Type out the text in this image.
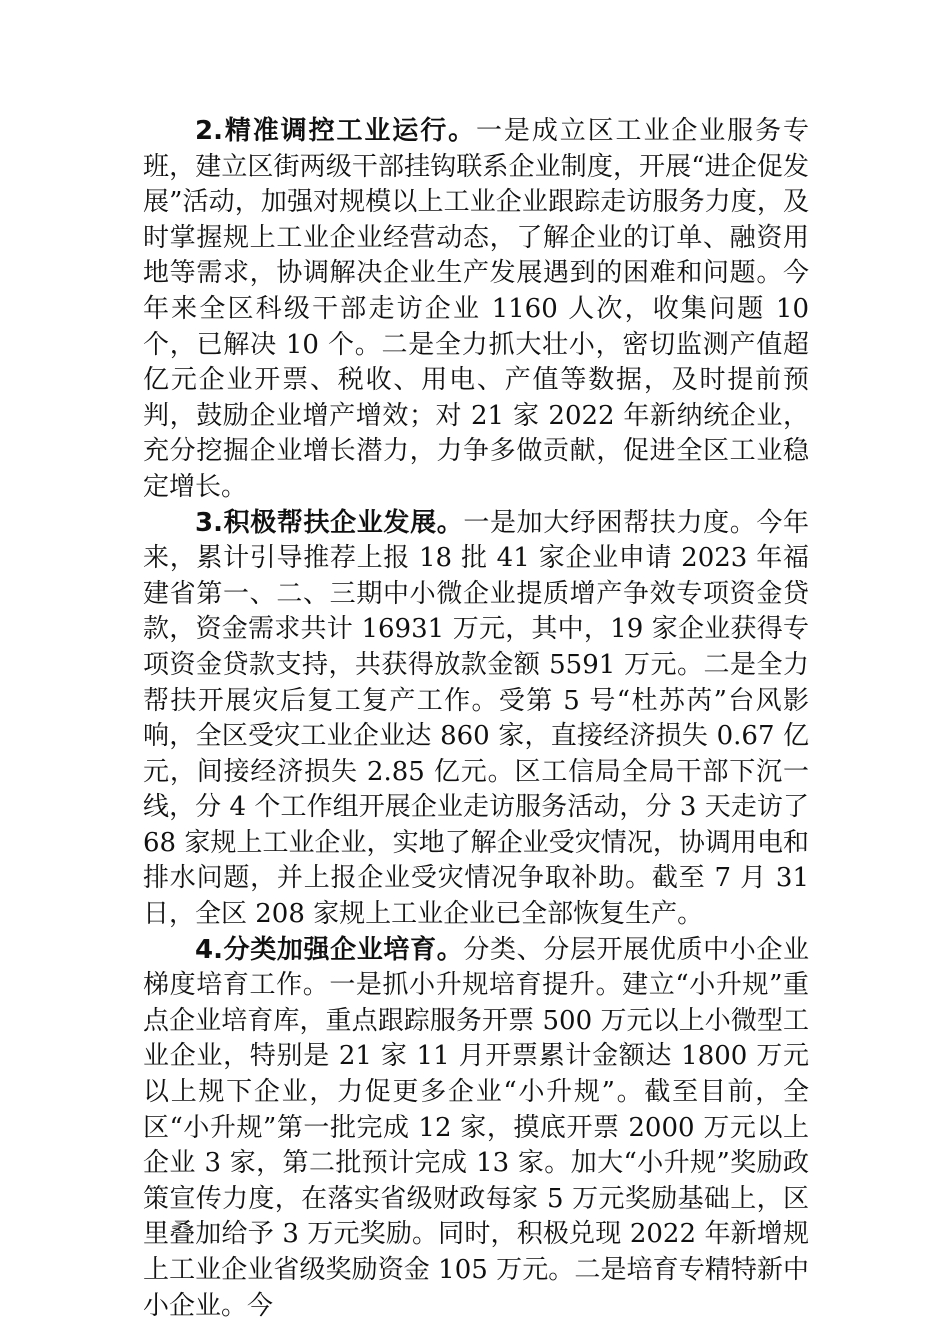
2.精准调控工业运行。一是成立区工业企业服务专班，建立区街两级干部挂钩联系企业制度，开展“进企促发展”活动，加强对规模以上工业企业跟踪走访服务力度，及时掌握规上工业企业经营动态，了解企业的订单、融资用地等需求，协调解决企业生产发展遇到的困难和问题。今年来全区科级干部走访企业 1160 人次，收集问题 10 个，已解决 10 个。二是全力抓大壮小，密切监测产值超亿元企业开票、税收、用电、产值等数据，及时提前预判，鼓励企业增产增效；对 21 家 2022 年新纳统企业，充分挖掘企业增长潜力，力争多做贡献，促进全区工业稳定增长。

3.积极帮扶企业发展。一是加大纾困帮扶力度。今年来，累计引导推荐上报 18 批 41 家企业申请 2023 年福建省第一、二、三期中小微企业提质增产争效专项资金贷款，资金需求共计 16931 万元，其中，19 家企业获得专项资金贷款支持，共获得放款金额 5591 万元。二是全力帮扶开展灾后复工复产工作。受第 5 号“杜苏芮”台风影响，全区受灾工业企业达 860 家，直接经济损失 0.67 亿元，间接经济损失 2.85 亿元。区工信局全局干部下沉一线，分 4 个工作组开展企业走访服务活动，分 3 天走访了 68 家规上工业企业，实地了解企业受灾情况，协调用电和排水问题，并上报企业受灾情况争取补助。截至 7 月 31 日，全区 208 家规上工业企业已全部恢复生产。

4.分类加强企业培育。分类、分层开展优质中小企业梯度培育工作。一是抓小升规培育提升。建立“小升规”重点企业培育库，重点跟踪服务开票 500 万元以上小微型工业企业，特别是 21 家 11 月开票累计金额达 1800 万元以上规下企业，力促更多企业“小升规”。截至目前，全区“小升规”第一批完成 12 家，摸底开票 2000 万元以上企业 3 家，第二批预计完成 13 家。加大“小升规”奖励政策宣传力度，在落实省级财政每家 5 万元奖励基础上，区里叠加给予 3 万元奖励。同时，积极兑现 2022 年新增规上工业企业省级奖励资金 105 万元。二是培育专精特新中小企业。今
